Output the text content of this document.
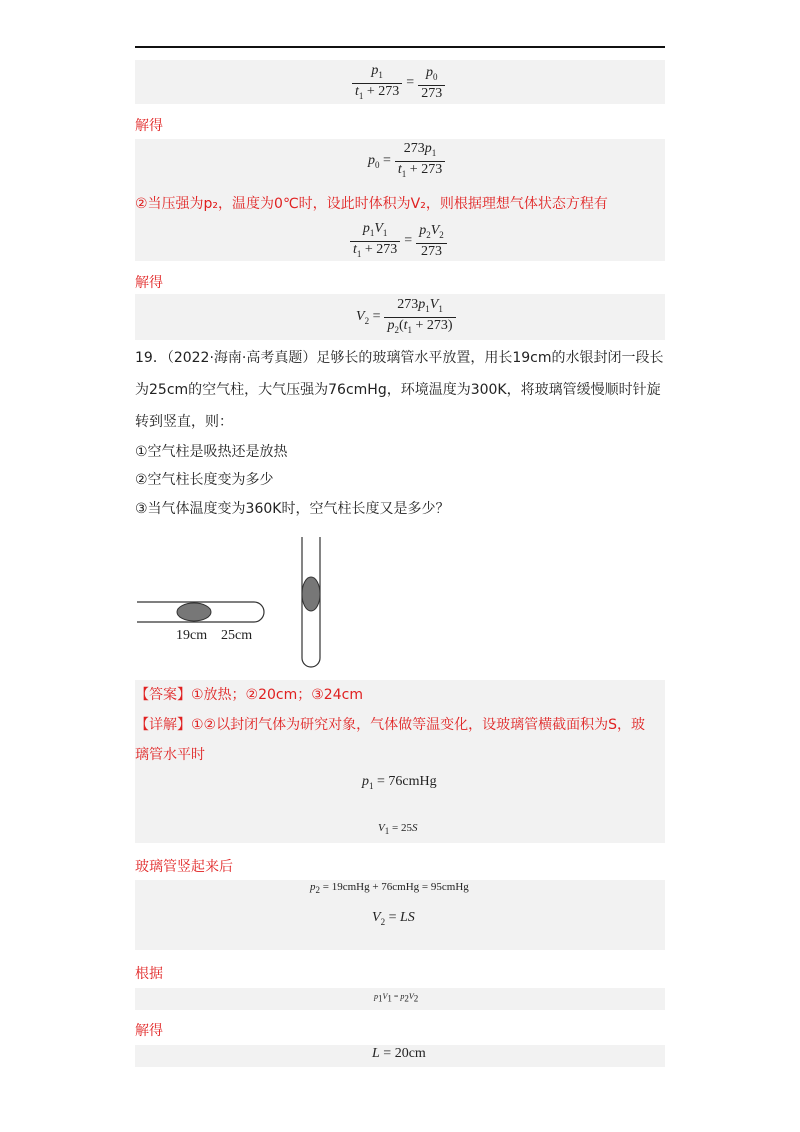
$\frac{p_1}{t_1 + 273} = \frac{p_0}{273}$
解得
$p_0 = \frac{273p_1}{t_1 + 273}$
②当压强为p₂，温度为0℃时，设此时体积为V₂，则根据理想气体状态方程有
$\frac{p_1V_1}{t_1 + 273} = \frac{p_2V_2}{273}$
解得
$V_2 = \frac{273p_1V_1}{p_2(t_1 + 273)}$
19．（2022·海南·高考真题）足够长的玻璃管水平放置，用长19cm的水银封闭一段长
为25cm的空气柱，大气压强为76cmHg，环境温度为300K，将玻璃管缓慢顺时针旋
转到竖直，则：
①空气柱是吸热还是放热
②空气柱长度变为多少
③当气体温度变为360K时，空气柱长度又是多少？
19cm 25cm
【答案】①放热；②20cm；③24cm
【详解】①②以封闭气体为研究对象，气体做等温变化，设玻璃管横截面积为S，玻
璃管水平时
$p_1$ = 76cmHg
$V_1 = 25S$
玻璃管竖起来后
$p_2$ = 19cmHg + 76cmHg = 95cmHg
$V_2$ = LS
根据
$p_1V_1 = p_2V_2$
解得
L = 20cm
